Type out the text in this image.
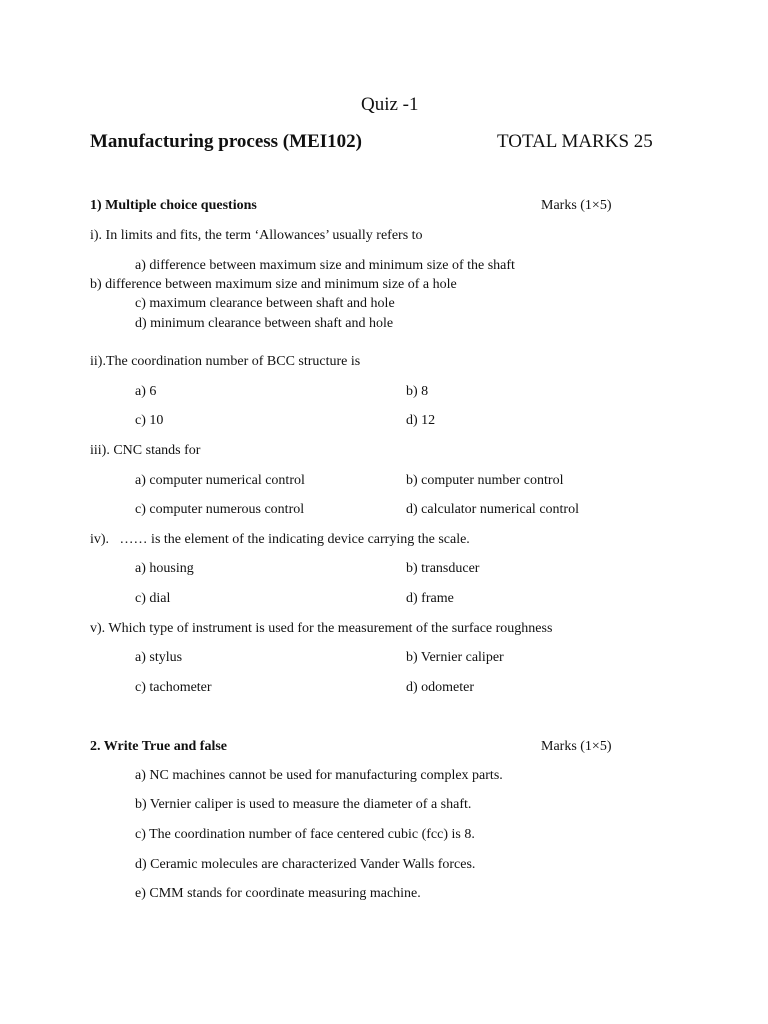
Quiz -1
Manufacturing process (MEI102)	TOTAL MARKS 25
1) Multiple choice questions	Marks (1×5)
i). In limits and fits, the term ‘Allowances’ usually refers to
a) difference between maximum size and minimum size of the shaft
b) difference between maximum size and minimum size of a hole
c) maximum clearance between shaft and hole
d) minimum clearance between shaft and hole
ii).The coordination number of BCC structure is
a) 6	b) 8
c) 10	d) 12
iii). CNC stands for
a) computer numerical control	b) computer number control
c) computer numerous control	d) calculator numerical control
iv).   …… is the element of the indicating device carrying the scale.
a) housing	b) transducer
c) dial	d) frame
v). Which type of instrument is used for the measurement of the surface roughness
a) stylus	b) Vernier caliper
c) tachometer	d) odometer
2. Write True and false	Marks (1×5)
a) NC machines cannot be used for manufacturing complex parts.
b) Vernier caliper is used to measure the diameter of a shaft.
c) The coordination number of face centered cubic (fcc) is 8.
d) Ceramic molecules are characterized Vander Walls forces.
e) CMM stands for coordinate measuring machine.
